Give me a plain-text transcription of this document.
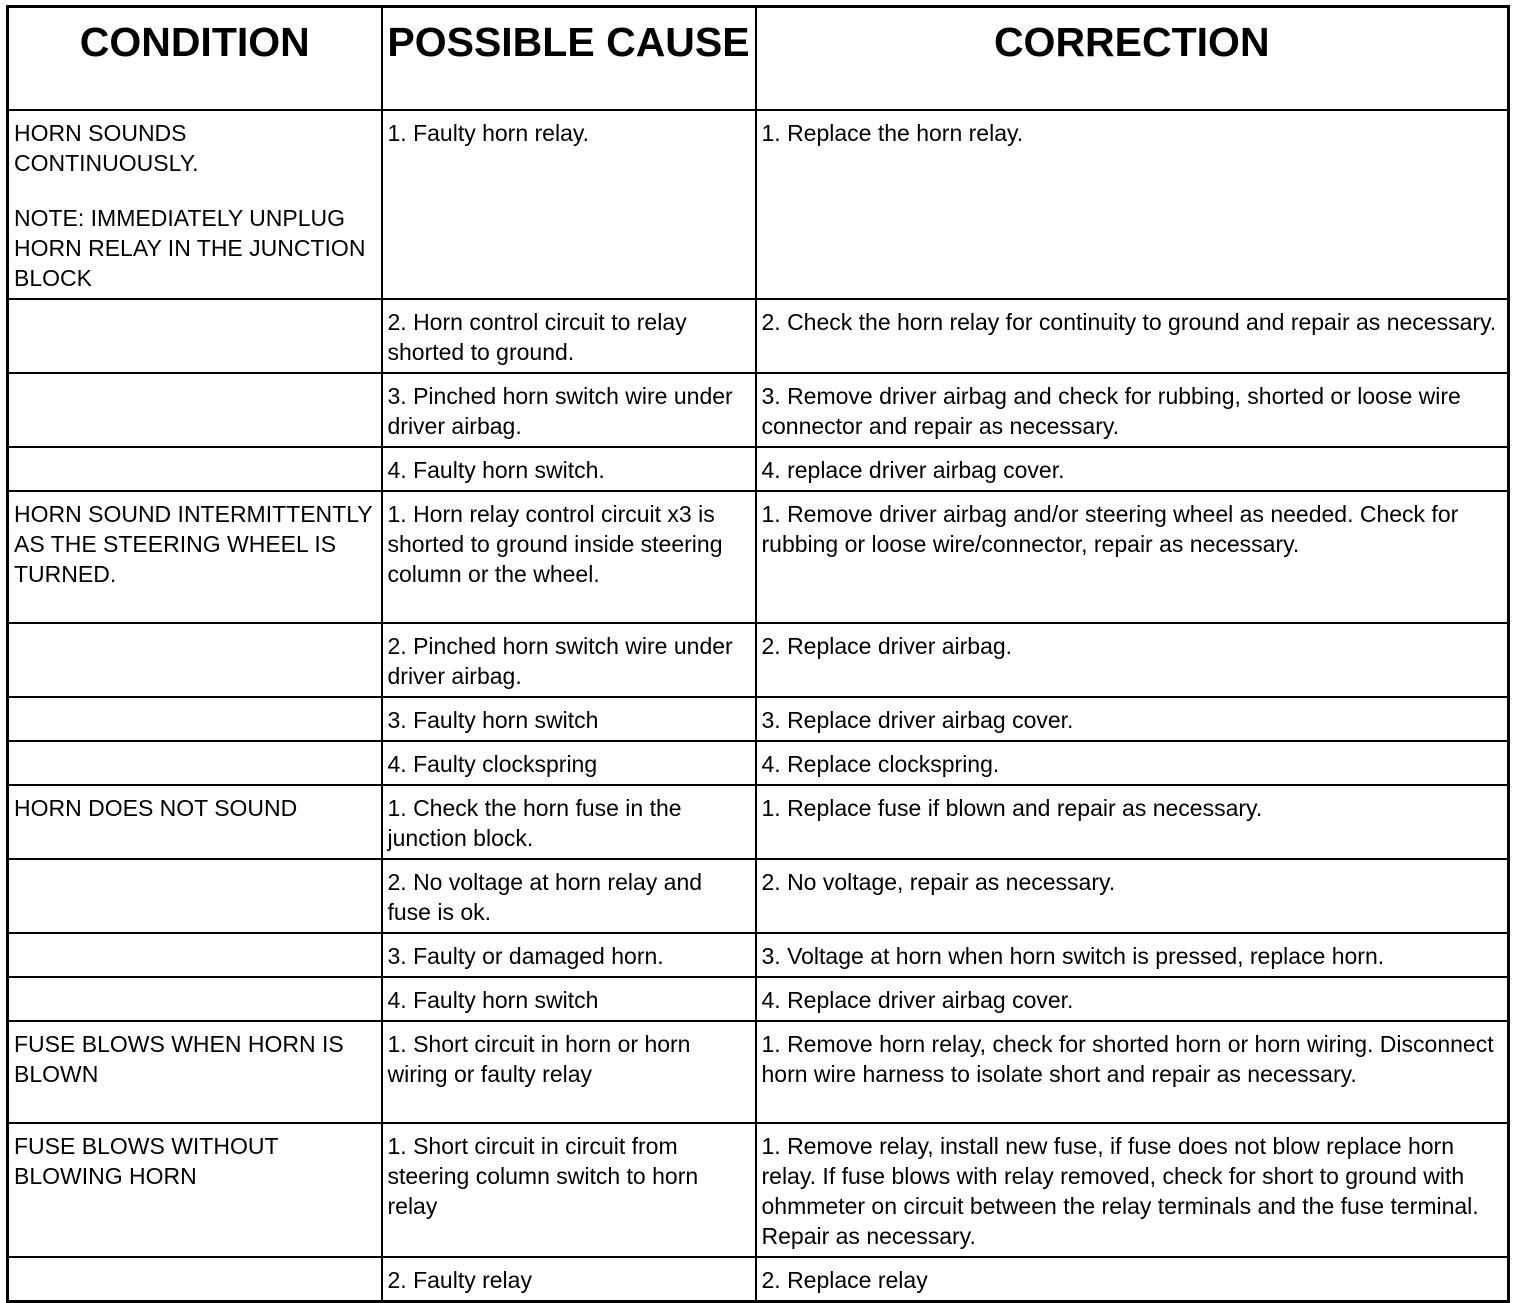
CONDITION	POSSIBLE CAUSE	CORRECTION

HORN SOUNDS CONTINUOUSLY.
NOTE: IMMEDIATELY UNPLUG HORN RELAY IN THE JUNCTION BLOCK	1. Faulty horn relay.	1. Replace the horn relay.
	2. Horn control circuit to relay shorted to ground.	2. Check the horn relay for continuity to ground and repair as necessary.
	3. Pinched horn switch wire under driver airbag.	3. Remove driver airbag and check for rubbing, shorted or loose wire connector and repair as necessary.
	4. Faulty horn switch.	4. replace driver airbag cover.
HORN SOUND INTERMITTENTLY AS THE STEERING WHEEL IS TURNED.	1. Horn relay control circuit x3 is shorted to ground inside steering column or the wheel.	1. Remove driver airbag and/or steering wheel as needed. Check for rubbing or loose wire/connector, repair as necessary.
	2. Pinched horn switch wire under driver airbag.	2. Replace driver airbag.
	3. Faulty horn switch	3. Replace driver airbag cover.
	4. Faulty clockspring	4. Replace clockspring.
HORN DOES NOT SOUND	1. Check the horn fuse in the junction block.	1. Replace fuse if blown and repair as necessary.
	2. No voltage at horn relay and fuse is ok.	2. No voltage, repair as necessary.
	3. Faulty or damaged horn.	3. Voltage at horn when horn switch is pressed, replace horn.
	4. Faulty horn switch	4. Replace driver airbag cover.
FUSE BLOWS WHEN HORN IS BLOWN	1. Short circuit in horn or horn wiring or faulty relay	1. Remove horn relay, check for shorted horn or horn wiring. Disconnect horn wire harness to isolate short and repair as necessary.
FUSE BLOWS WITHOUT BLOWING HORN	1. Short circuit in circuit from steering column switch to horn relay	1. Remove relay, install new fuse, if fuse does not blow replace horn relay. If fuse blows with relay removed, check for short to ground with ohmmeter on circuit between the relay terminals and the fuse terminal. Repair as necessary.
	2. Faulty relay	2. Replace relay
